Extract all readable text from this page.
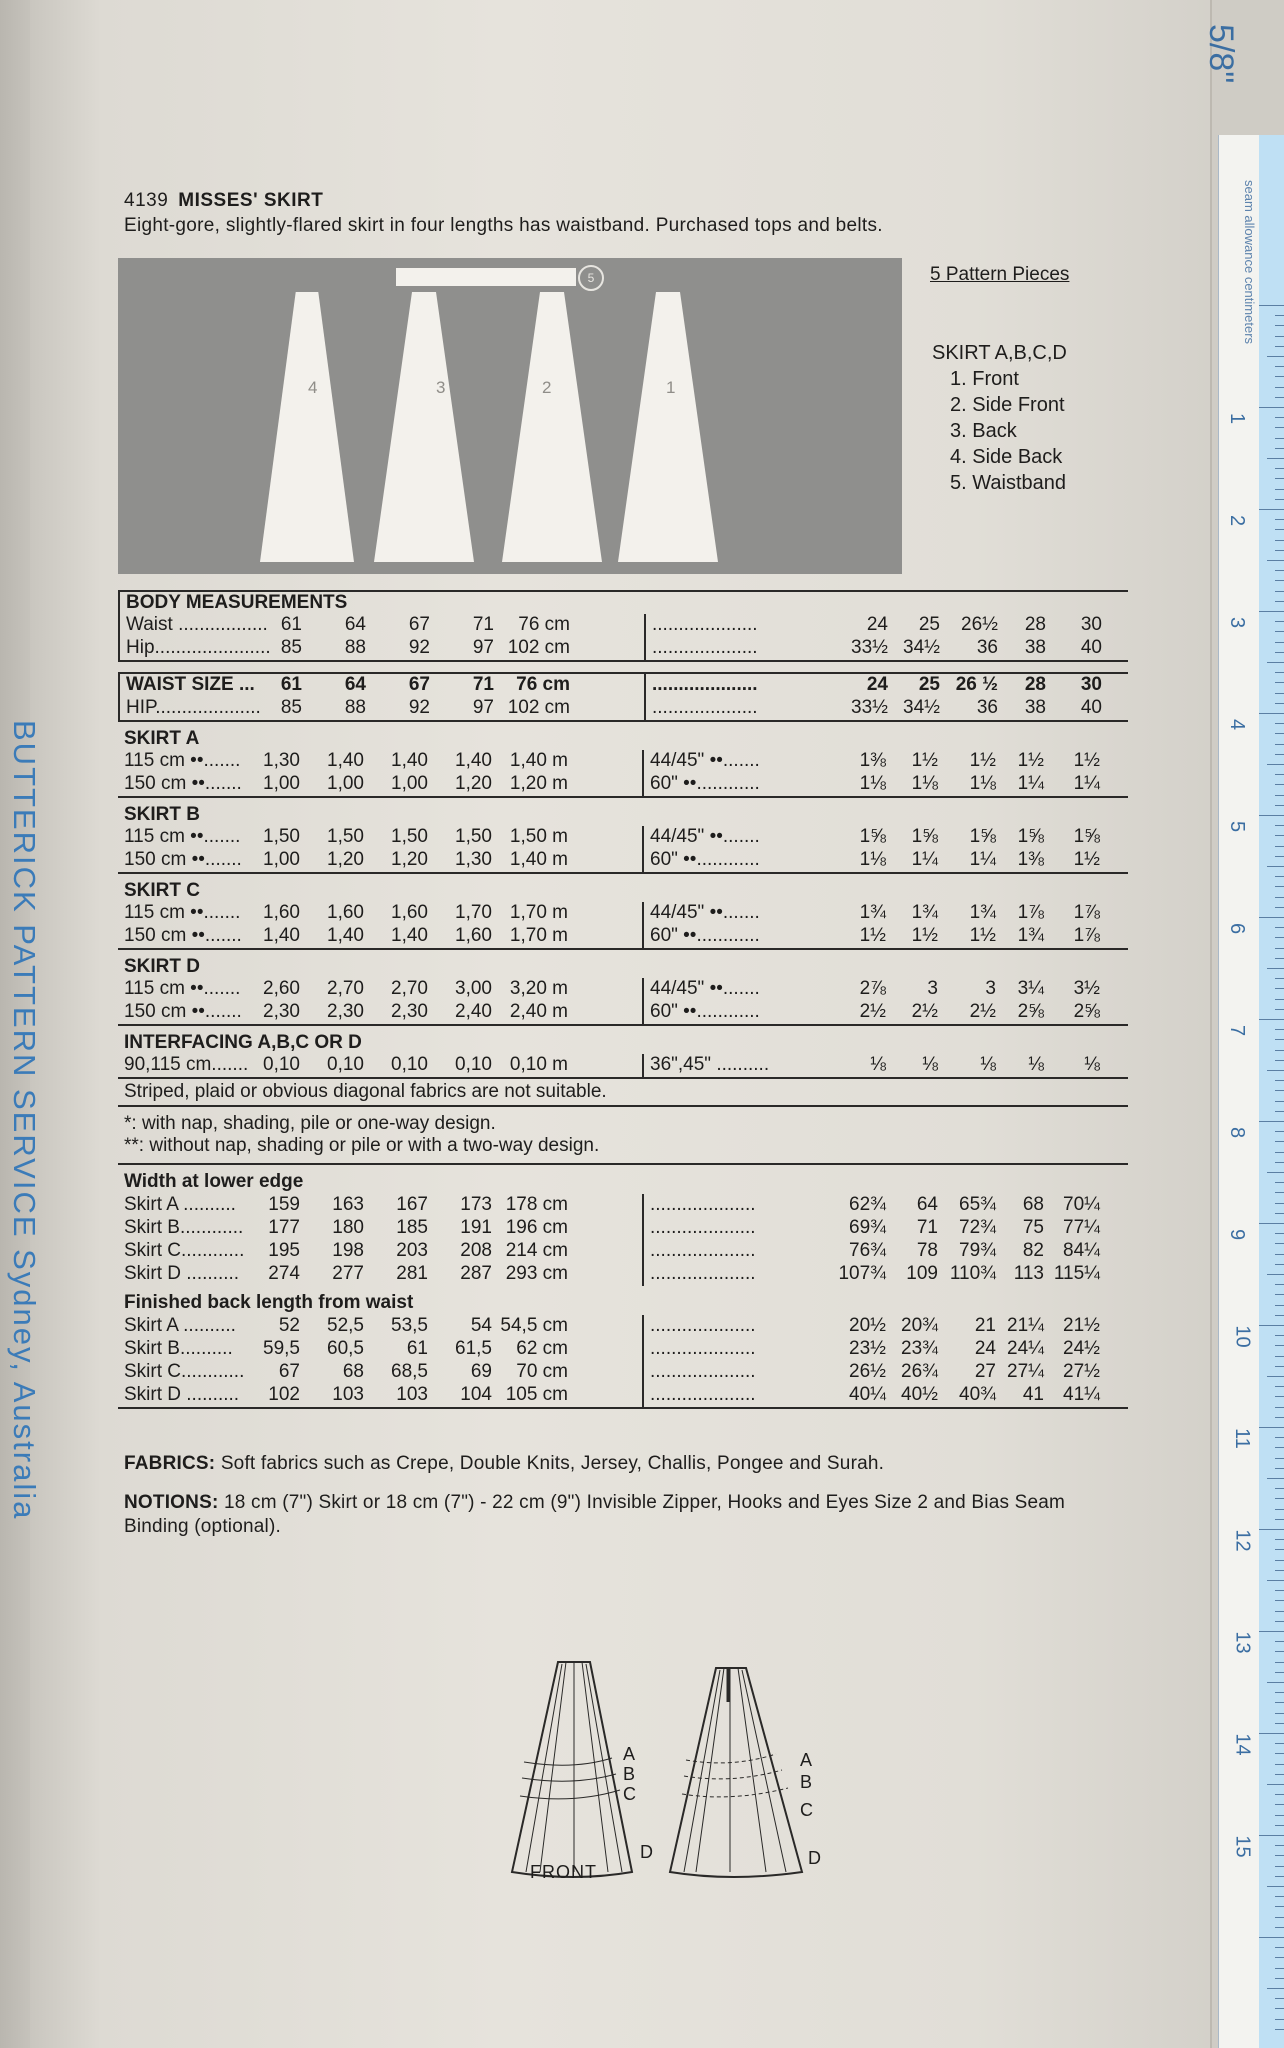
BUTTERICK PATTERN SERVICE Sydney, Australia
seam allowance centimeters
1
2
3
4
5
6
7
8
9
10
11
12
13
14
15
5/8"
4139 MISSES' SKIRT
Eight-gore, slightly-flared skirt in four lengths has waistband. Purchased tops and belts.
5
4	3	2	1
5 Pattern Pieces
SKIRT A,B,C,D
1. Front
2. Side Front
3. Back
4. Side Back
5. Waistband
BODY MEASUREMENTS
Waist ................. 61	64	67	71	76 cm	....................	24	25	26½	28	30
Hip...................... 85	88	92	97 102 cm	....................	33½ 34½	36	38	40
WAIST SIZE ...	61	64	67	71	76 cm	....................	24	25 26 ½	28	30
HIP....................	85	88	92	97 102 cm	....................	33½ 34½	36	38	40
SKIRT A
115 cm ••.......	1,30	1,40	1,40	1,40 1,40 m	44/45" ••.......	1⅜	1½	1½	1½	1½
150 cm ••.......	1,00	1,00	1,00	1,20 1,20 m	60" ••............	1⅛	1⅛	1⅛	1¼	1¼
SKIRT B
115 cm ••.......	1,50	1,50	1,50	1,50 1,50 m	44/45" ••.......	1⅝	1⅝	1⅝	1⅝	1⅝
150 cm ••.......	1,00	1,20	1,20	1,30 1,40 m	60" ••............	1⅛	1¼	1¼	1⅜	1½
SKIRT C
115 cm ••.......	1,60	1,60	1,60	1,70 1,70 m	44/45" ••.......	1¾	1¾	1¾	1⅞	1⅞
150 cm ••.......	1,40	1,40	1,40	1,60 1,70 m	60" ••............	1½	1½	1½	1¾	1⅞
SKIRT D
115 cm ••.......	2,60	2,70	2,70	3,00 3,20 m	44/45" ••.......	2⅞	3	3	3¼	3½
150 cm ••.......	2,30	2,30	2,30	2,40 2,40 m	60" ••............	2½	2½	2½	2⅝	2⅝
INTERFACING A,B,C OR D
90,115 cm....... 0,10	0,10	0,10	0,10 0,10 m	36",45" ..........	⅛	⅛	⅛	⅛	⅛
Striped, plaid or obvious diagonal fabrics are not suitable.
*: with nap, shading, pile or one-way design.
**: without nap, shading or pile or with a two-way design.
Width at lower edge
Skirt A ..........	159	163	167	173 178 cm	....................	62¾	64	65¾	68	70¼
Skirt B............	177	180	185	191 196 cm	....................	69¾	71	72¾	75	77¼
Skirt C............	195	198	203	208 214 cm	....................	76¾	78	79¾	82	84¼
Skirt D ..........	274	277	281	287 293 cm	....................	107¾	109 110¾ 113 115¼
Finished back length from waist
Skirt A ..........	52	52,5	53,5	54 54,5 cm	....................	20½ 20¾	21 21¼	21½
Skirt B..........	59,5	60,5	61	61,5	62 cm	....................	23½ 23¾	24 24¼	24½
Skirt C............	67	68	68,5	69	70 cm	....................	26½ 26¾	27 27¼	27½
Skirt D ..........	102	103	103	104 105 cm	....................	40¼ 40½	40¾	41	41¼
FABRICS: Soft fabrics such as Crepe, Double Knits, Jersey, Challis, Pongee and Surah.
NOTIONS: 18 cm (7") Skirt or 18 cm (7") - 22 cm (9") Invisible Zipper, Hooks and Eyes Size 2 and Bias Seam Binding (optional).
A
B
C
D
A
B
C
D
FRONT
